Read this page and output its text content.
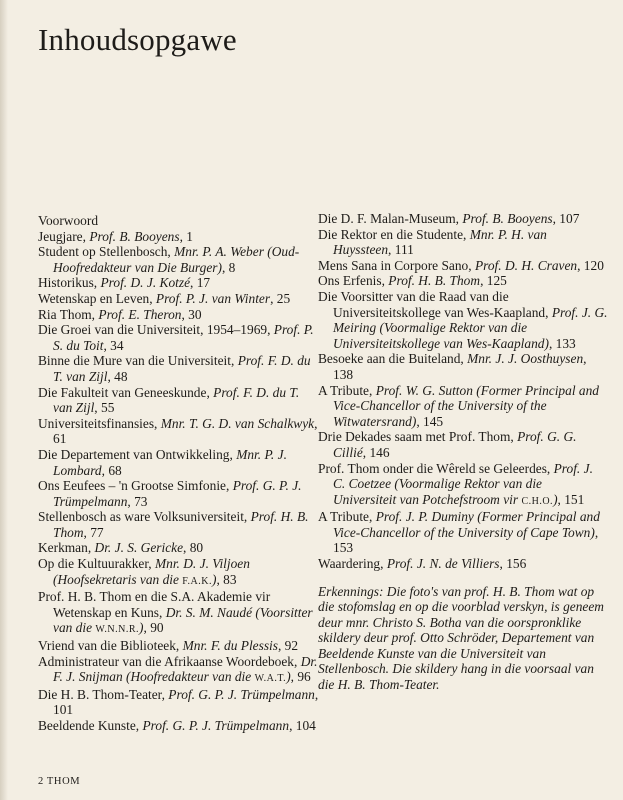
Inhoudsopgawe
Voorwoord
Jeugjare, Prof. B. Booyens, 1
Student op Stellenbosch, Mnr. P. A. Weber (Oud-Hoofredakteur van Die Burger), 8
Historikus, Prof. D. J. Kotzé, 17
Wetenskap en Leven, Prof. P. J. van Winter, 25
Ria Thom, Prof. E. Theron, 30
Die Groei van die Universiteit, 1954–1969, Prof. P. S. du Toit, 34
Binne die Mure van die Universiteit, Prof. F. D. du T. van Zijl, 48
Die Fakulteit van Geneeskunde, Prof. F. D. du T. van Zijl, 55
Universiteitsfinansies, Mnr. T. G. D. van Schalkwyk, 61
Die Departement van Ontwikkeling, Mnr. P. J. Lombard, 68
Ons Eeufees – 'n Grootse Simfonie, Prof. G. P. J. Trümpelmann, 73
Stellenbosch as ware Volksuniversiteit, Prof. H. B. Thom, 77
Kerkman, Dr. J. S. Gericke, 80
Op die Kultuurakker, Mnr. D. J. Viljoen (Hoofsekretaris van die F.A.K.), 83
Prof. H. B. Thom en die S.A. Akademie vir Wetenskap en Kuns, Dr. S. M. Naudé (Voorsitter van die W.N.N.R.), 90
Vriend van die Biblioteek, Mnr. F. du Plessis, 92
Administrateur van die Afrikaanse Woordeboek, Dr. F. J. Snijman (Hoofredakteur van die W.A.T.), 96
Die H. B. Thom-Teater, Prof. G. P. J. Trümpelmann, 101
Beeldende Kunste, Prof. G. P. J. Trümpelmann, 104
Die D. F. Malan-Museum, Prof. B. Booyens, 107
Die Rektor en die Studente, Mnr. P. H. van Huyssteen, 111
Mens Sana in Corpore Sano, Prof. D. H. Craven, 120
Ons Erfenis, Prof. H. B. Thom, 125
Die Voorsitter van die Raad van die Universiteitskollege van Wes-Kaapland, Prof. J. G. Meiring (Voormalige Rektor van die Universiteitskollege van Wes-Kaapland), 133
Besoeke aan die Buiteland, Mnr. J. J. Oosthuysen, 138
A Tribute, Prof. W. G. Sutton (Former Principal and Vice-Chancellor of the University of the Witwatersrand), 145
Drie Dekades saam met Prof. Thom, Prof. G. G. Cillié, 146
Prof. Thom onder die Wêreld se Geleerdes, Prof. J. C. Coetzee (Voormalige Rektor van die Universiteit van Potchefstroom vir C.H.O.), 151
A Tribute, Prof. J. P. Duminy (Former Principal and Vice-Chancellor of the University of Cape Town), 153
Waardering, Prof. J. N. de Villiers, 156
Erkennings: Die foto's van prof. H. B. Thom wat op die stofomslag en op die voorblad verskyn, is geneem deur mnr. Christo S. Botha van die oorspronklike skildery deur prof. Otto Schröder, Departement van Beeldende Kunste van die Universiteit van Stellenbosch. Die skildery hang in die voorsaal van die H. B. Thom-Teater.
2 THOM
